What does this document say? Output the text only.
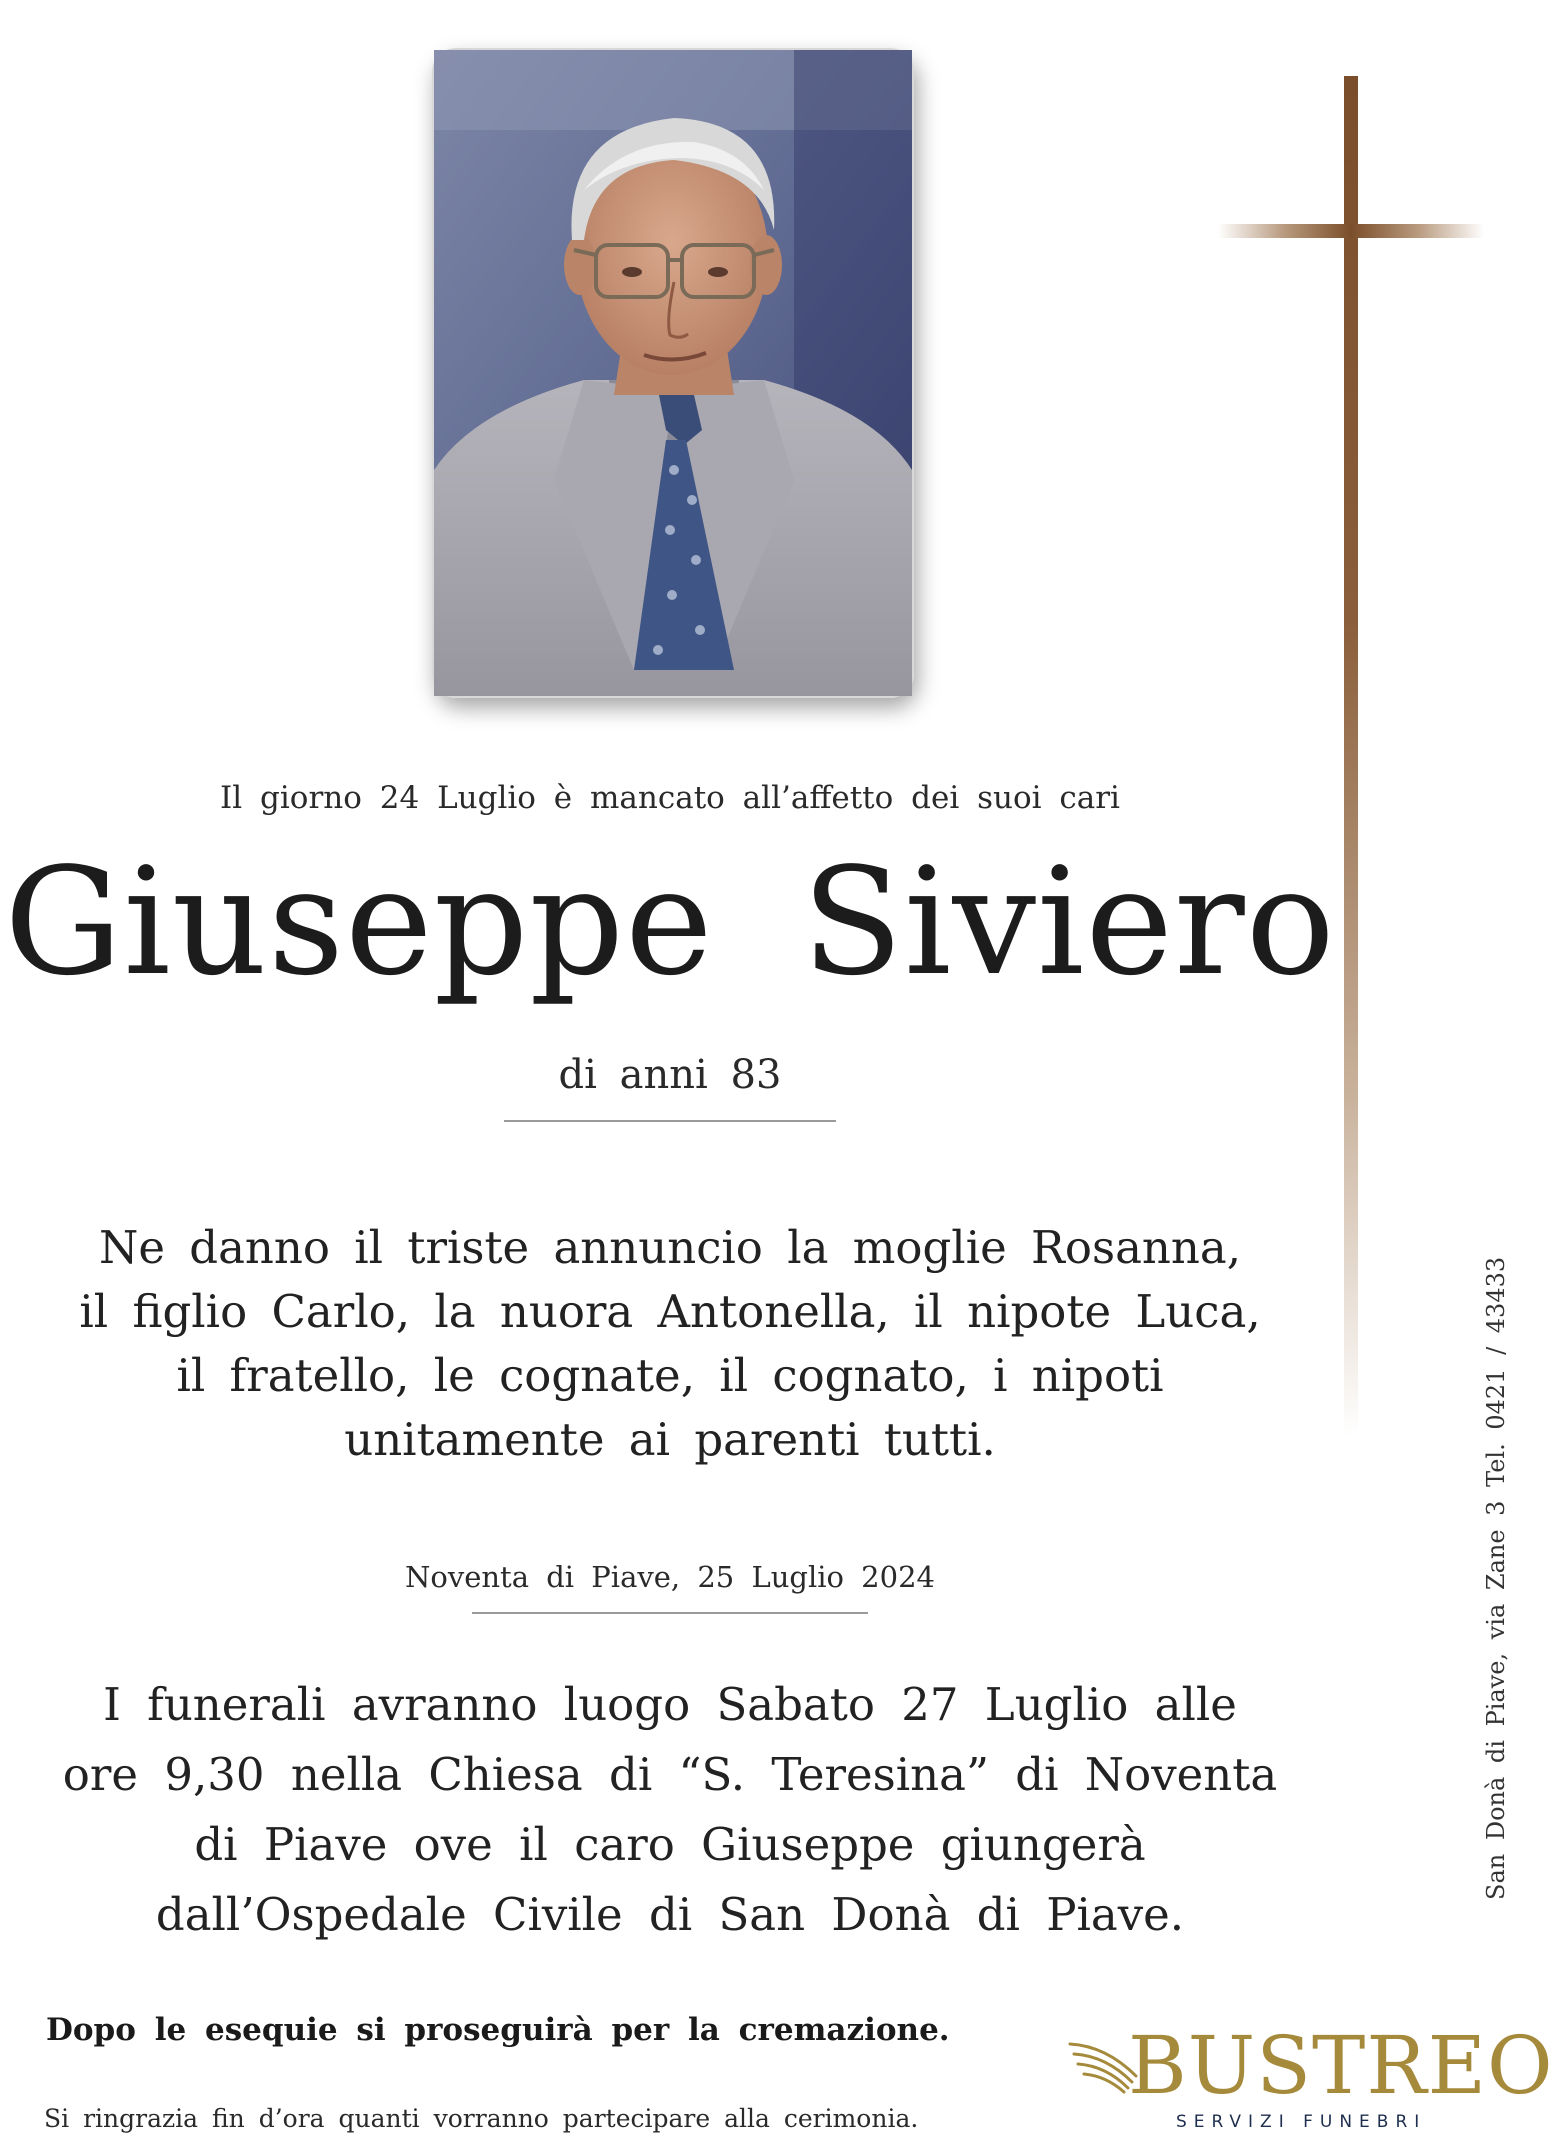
Il giorno 24 Luglio è mancato all’affetto dei suoi cari
Giuseppe Siviero
di anni 83
Ne danno il triste annuncio la moglie Rosanna,
il figlio Carlo, la nuora Antonella, il nipote Luca,
il fratello, le cognate, il cognato, i nipoti
unitamente ai parenti tutti.
Noventa di Piave, 25 Luglio 2024
I funerali avranno luogo Sabato 27 Luglio alle
ore 9,30 nella Chiesa di “S. Teresina” di Noventa
di Piave ove il caro Giuseppe giungerà
dall’Ospedale Civile di San Donà di Piave.
Dopo le esequie si proseguirà per la cremazione.
Si ringrazia fin d’ora quanti vorranno partecipare alla cerimonia.
San Donà di Piave, via Zane 3 Tel. 0421 / 43433
BUSTREO
SERVIZI FUNEBRI
